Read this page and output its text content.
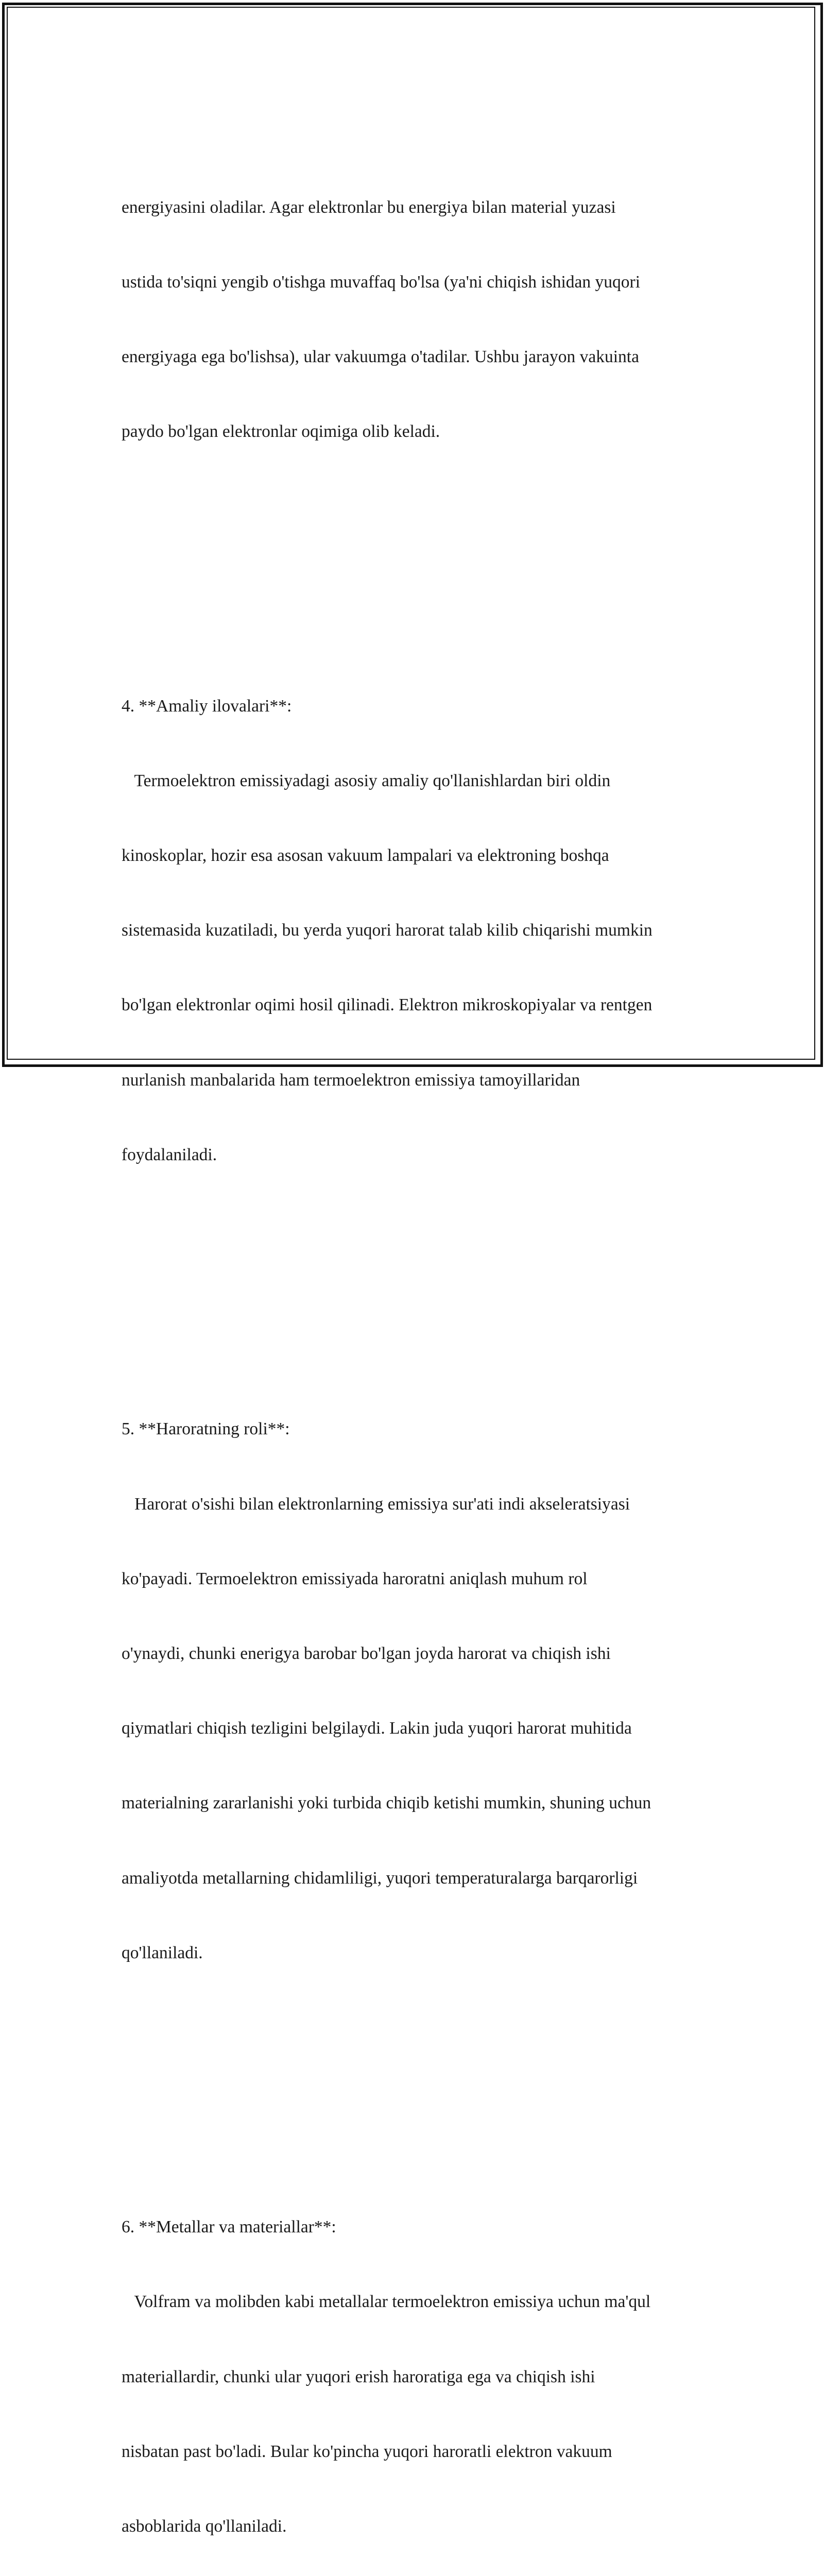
energiyasini oladilar. Agar elektronlar bu energiya bilan material yuzasi

ustida to'siqni yengib o'tishga muvaffaq bo'lsa (ya'ni chiqish ishidan yuqori

energiyaga ega bo'lishsa), ular vakuumga o'tadilar. Ushbu jarayon vakuinta

paydo bo'lgan elektronlar oqimiga olib keladi.

4. **Amaliy ilovalari**:

Termoelektron emissiyadagi asosiy amaliy qo'llanishlardan biri oldin

kinoskoplar, hozir esa asosan vakuum lampalari va elektroning boshqa

sistemasida kuzatiladi, bu yerda yuqori harorat talab kilib chiqarishi mumkin

bo'lgan elektronlar oqimi hosil qilinadi. Elektron mikroskopiyalar va rentgen

nurlanish manbalarida ham termoelektron emissiya tamoyillaridan

foydalaniladi.

5. **Haroratning roli**:

Harorat o'sishi bilan elektronlarning emissiya sur'ati indi akseleratsiyasi

ko'payadi. Termoelektron emissiyada haroratni aniqlash muhum rol

o'ynaydi, chunki enerigya barobar bo'lgan joyda harorat va chiqish ishi

qiymatlari chiqish tezligini belgilaydi. Lakin juda yuqori harorat muhitida

materialning zararlanishi yoki turbida chiqib ketishi mumkin, shuning uchun

amaliyotda metallarning chidamliligi, yuqori temperaturalarga barqarorligi

qo'llaniladi.

6. **Metallar va materiallar**:

Volfram va molibden kabi metallalar termoelektron emissiya uchun ma'qul

materiallardir, chunki ular yuqori erish haroratiga ega va chiqish ishi

nisbatan past bo'ladi. Bular ko'pincha yuqori haroratli elektron vakuum

asboblarida qo'llaniladi.
